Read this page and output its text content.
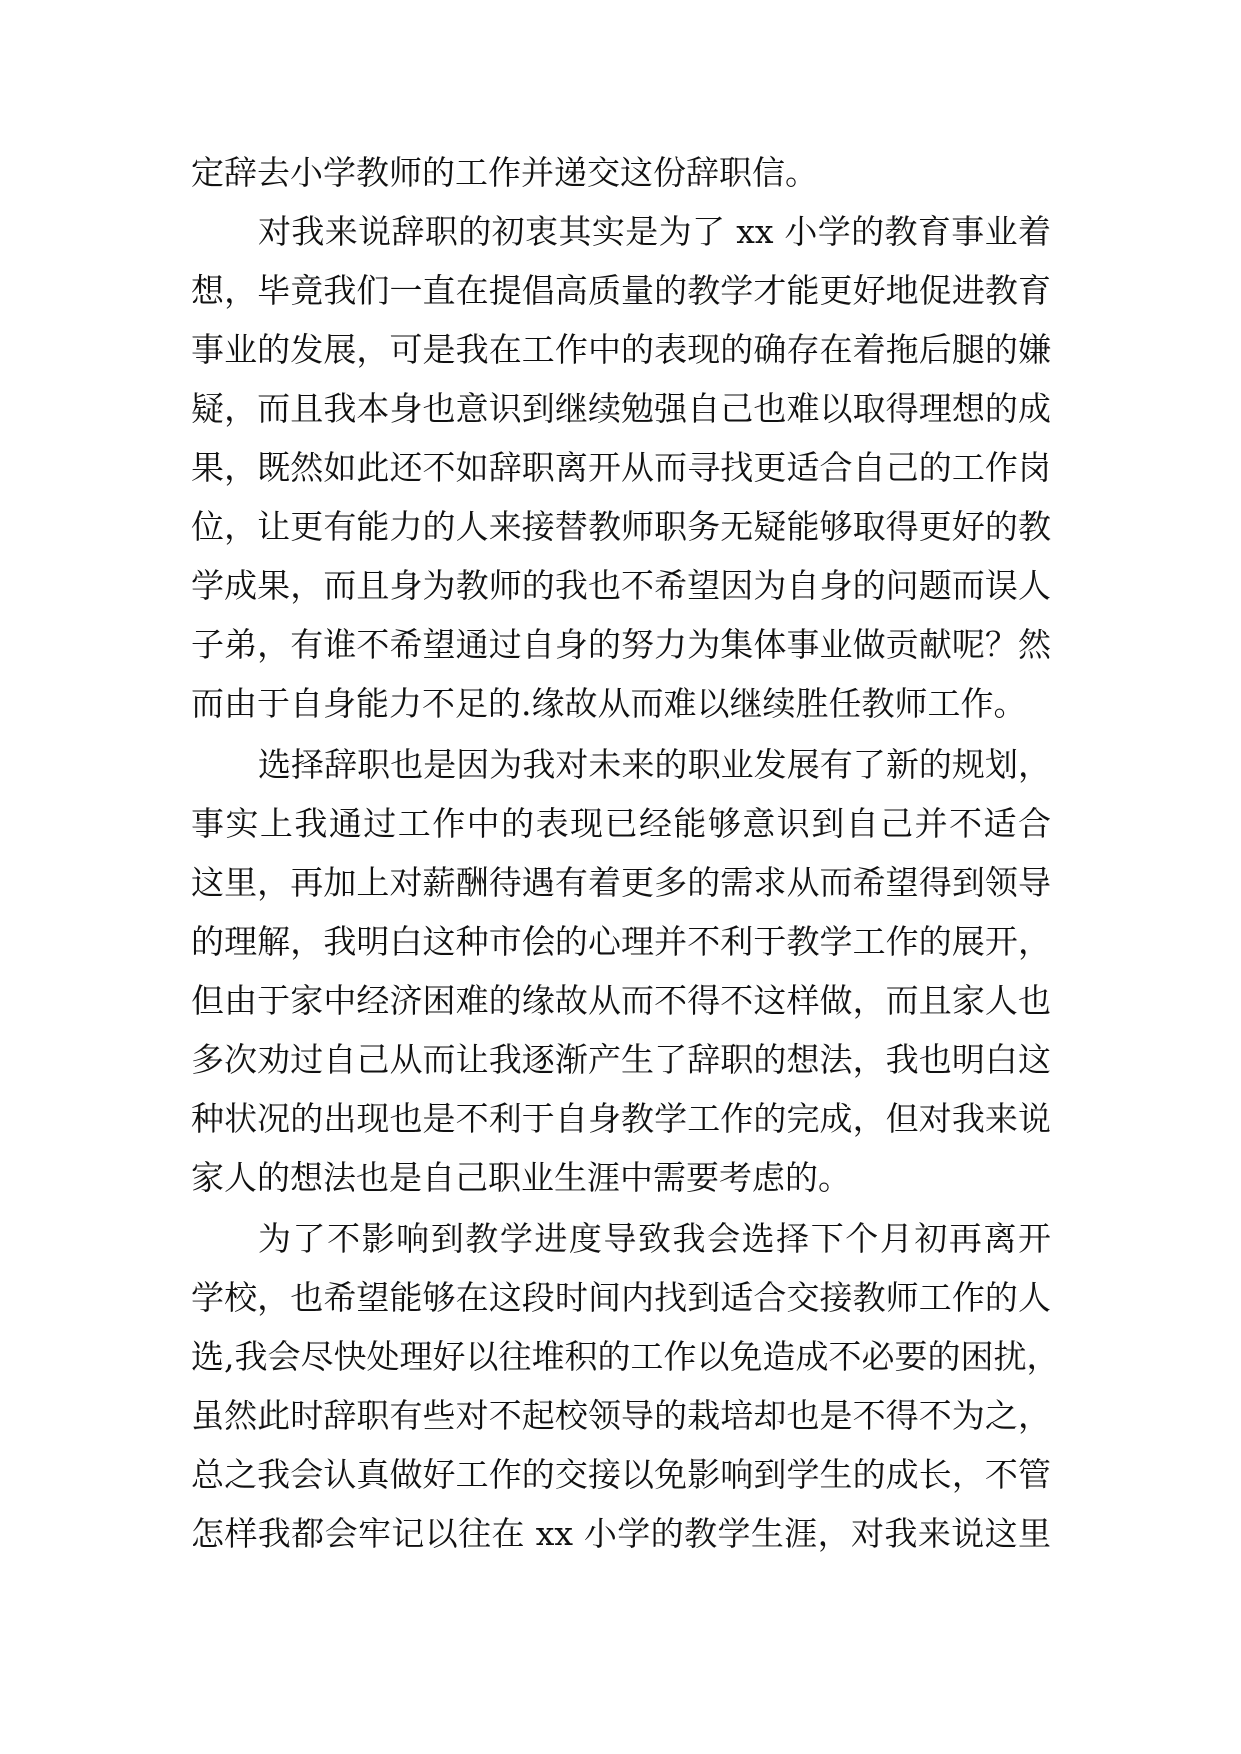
定辞去小学教师的工作并递交这份辞职信。
对我来说辞职的初衷其实是为了 xx 小学的教育事业着
想，毕竟我们一直在提倡高质量的教学才能更好地促进教育
事业的发展，可是我在工作中的表现的确存在着拖后腿的嫌
疑，而且我本身也意识到继续勉强自己也难以取得理想的成
果，既然如此还不如辞职离开从而寻找更适合自己的工作岗
位，让更有能力的人来接替教师职务无疑能够取得更好的教
学成果，而且身为教师的我也不希望因为自身的问题而误人
子弟，有谁不希望通过自身的努力为集体事业做贡献呢？然
而由于自身能力不足的.缘故从而难以继续胜任教师工作。
选择辞职也是因为我对未来的职业发展有了新的规划，
事实上我通过工作中的表现已经能够意识到自己并不适合
这里，再加上对薪酬待遇有着更多的需求从而希望得到领导
的理解，我明白这种市侩的心理并不利于教学工作的展开，
但由于家中经济困难的缘故从而不得不这样做，而且家人也
多次劝过自己从而让我逐渐产生了辞职的想法，我也明白这
种状况的出现也是不利于自身教学工作的完成，但对我来说
家人的想法也是自己职业生涯中需要考虑的。
为了不影响到教学进度导致我会选择下个月初再离开
学校，也希望能够在这段时间内找到适合交接教师工作的人
选,我会尽快处理好以往堆积的工作以免造成不必要的困扰，
虽然此时辞职有些对不起校领导的栽培却也是不得不为之，
总之我会认真做好工作的交接以免影响到学生的成长，不管
怎样我都会牢记以往在 xx 小学的教学生涯，对我来说这里
